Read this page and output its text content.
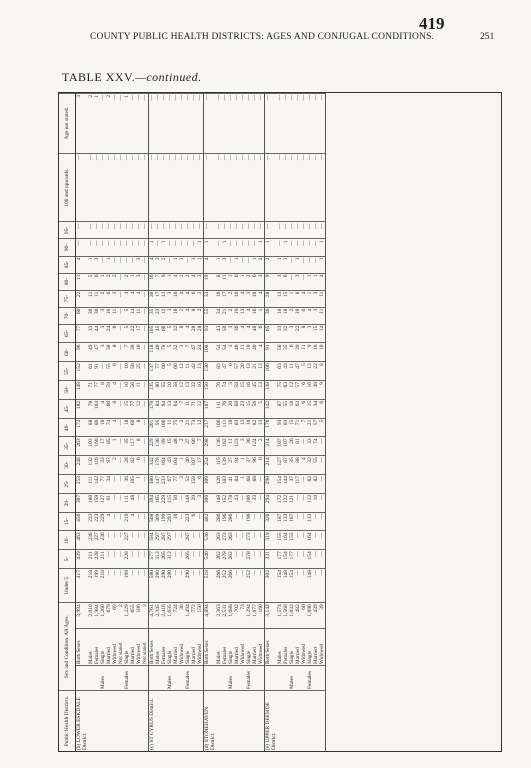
419
COUNTY PUBLIC HEALTH DISTRICTS: AGES AND CONJUGAL CONDITIONS.	251
TABLE XXV.—continued.
Public Health Districts.	Sex and Condition. All Ages.			Under 5	5-	10-	15-	20-	25-	30-	35-	40-	45-	50-	55-	60-	65-	70-	75-	80-	85-	90-	95-	100 and upwards.	Age not stated.
(b) LOWER ESKDALE District.		Both Sexes	3,994	417	439	463	456	307	253	248	263	174	182	148	152	96	77	60	22	11	4	—	—	—	3
		Males	2,010	218	211	236	233	188	111	132	103	88	78	71	61	49	33	30	11	5	1	—	—	—	2
		Females	1,984	199	228	227	223	159	142	116	160	86	104	77	91	47	44	30	11	6	3	—	—	—	1
	Males	Single	1,260	218	211	236	229	127	77	33	17	10	4	8	—	3	3	3	2	1	—	—	—	—	—
		Married	679	—	—	—	4	61	34	97	85	74	66	59	55	38	24	16	6	2	1	—	—	—	2
		Widowed	69	—	—	—	—	—	—	2	1	4	8	4	6	8	6	11	3	2	—	—	—	—	—
		Not stated	2	—	—	—	—	—	—	—	—	—	—	—	—	—	—	—	—	—	—	—	—	—	—
	Females	Single	1,229	199	228	227	219	111	36	28	35	18	15	10	10	7	5	5	3	2	—	—	—	—	1
		Married	655	—	—	—	4	48	105	82	117	60	77	56	56	30	22	14	4	1	—	—	—	—	—
		Widowed	106	—	—	—	—	—	1	6	8	8	12	11	25	10	17	11	4	3	3	—	—	—	—
		Not stated	3	—	—	—	—	—	—	—	—	—	—	—	—	—	—	—	—	—	—	—	—	—	—
(c) ST CYRUS District.		Both Sexes	4,761	580	577	584	508	394	380	342	229	201	178	135	137	118	105	35	30	16	4	1	—	—	—
		Males	2,345	290	312	297	309	165	147	178	130	95	84	80	77	40	45	23	17	7	2	—	—	—	—
		Females	2,416	290	265	287	199	229	233	164	99	106	94	55	60	78	60	12	13	9	2	1	—	—	—
	Males	Single	1,635	290	312	297	293	115	67	43	15	11	13	10	5	5	5	3	3	1	—	—	—	—	—
		Married	724	—	—	—	10	50	77	104	48	75	64	58	60	32	32	18	10	4	1	—	—	—	—
		Widowed	36	—	—	—	—	—	3	1	2	2	7	12	12	3	8	2	4	2	1	—	—	—	—
	Females	Single	1,494	290	265	287	223	148	52	40	27	21	11	13	11	7	4	4	4	2	—	—	—	—	—
		Married	772	—	—	—	6	29	158	107	60	73	71	32	42	47	28	8	6	4	1	—	—	—	—
		Widowed	150	—	—	—	—	3	6	17	7	12	12	10	13	24	28	2	3	3	1	1	—	—	—
(d) STONEHAVEN District.		Both Sexes	4,894	518	540	536	482	300	309	254	298	217	187	150	130	108	93	55	33	19	4	1	—	—	—
		Males	2,363	266	262	263	286	148	126	115	136	106	111	76	83	54	43	34	16	8	1	—	—	—	—
		Females	2,531	252	278	273	196	152	183	139	162	111	76	74	47	54	50	21	17	11	3	1	—	—	—
	Males	Single	1,688	266	262	263	286	178	41	27	11	10	20	3	6	3	3	2	2	1	—	—	—	—	—
		Married	702	—	—	—	—	23	84	94	123	83	68	58	57	40	36	19	10	6	1	—	—	—	—
		Widowed	73	—	—	—	—	—	1	1	3	13	23	15	20	11	4	13	4	1	—	—	—	—	—
	Females	Single	1,294	252	278	273	196	106	68	37	36	16	15	16	13	10	4	4	3	2	—	—	—	—	—
		Married	1,077	—	—	—	—	33	68	96	124	82	56	45	21	40	40	16	10	6	1	—	—	—	—
		Widowed	160	—	—	—	—	—	—	6	2	13	5	13	13	4	6	1	4	3	2	1	—	—	—
(e) UPPER DEESIDE District.		Both Sexes	3,142	302	331	319	320	294	298	214	214	176	142	138	106	91	65	36	28	9	2	1	—	—	—
		Males	1,574	154	177	155	187	172	154	127	107	93	87	75	63	56	33	18	13	3	1	—	—	—	—
		Females	1,568	148	154	164	133	122	144	87	107	83	55	63	43	35	32	18	15	6	1	1	—	—	—
	Males	Single	1,032	154	177	155	187	121	37	35	26	15	18	12	11	6	3	2	1	—	—	—	—	—	—
		Married	482	—	—	—	—	—	117	88	81	71	63	57	47	39	22	10	8	3	1	—	—	—	—
		Widowed	60	—	—	—	—	—	—	4	—	7	6	6	5	11	8	6	4	—	—	—	—	—	—
	Females	Single	1,090	148	154	164	133	112	62	32	33	21	15	16	13	9	3	4	1	1	—	—	—	—	—
		Married	439	—	—	—	—	10	82	55	74	57	34	38	22	16	15	3	3	1	—	—	—	—	—
		Widowed	39	—	—	—	—	—	—	—	—	5	6	9	8	10	14	11	11	4	1	1	—	—	—
